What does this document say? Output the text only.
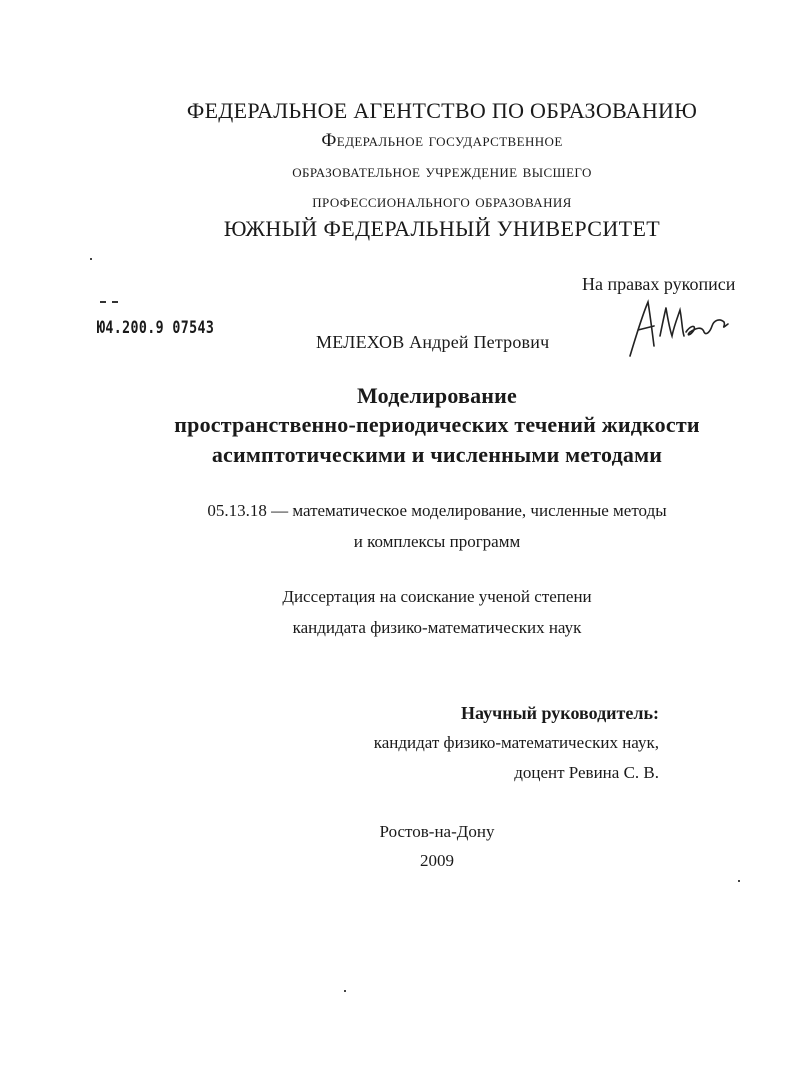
ФЕДЕРАЛЬНОЕ АГЕНТСТВО ПО ОБРАЗОВАНИЮ
Федеральное государственное
образовательное учреждение высшего
профессионального образования
ЮЖНЫЙ ФЕДЕРАЛЬНЫЙ УНИВЕРСИТЕТ
На правах рукописи
Ю4.200.9 07543
МЕЛЕХОВ Андрей Петрович
Моделирование
пространственно-периодических течений жидкости
асимптотическими и численными методами
05.13.18 — математическое моделирование, численные методы
и комплексы программ
Диссертация на соискание ученой степени
кандидата физико-математических наук
Научный руководитель:
кандидат физико-математических наук,
доцент Ревина С. В.
Ростов-на-Дону
2009
